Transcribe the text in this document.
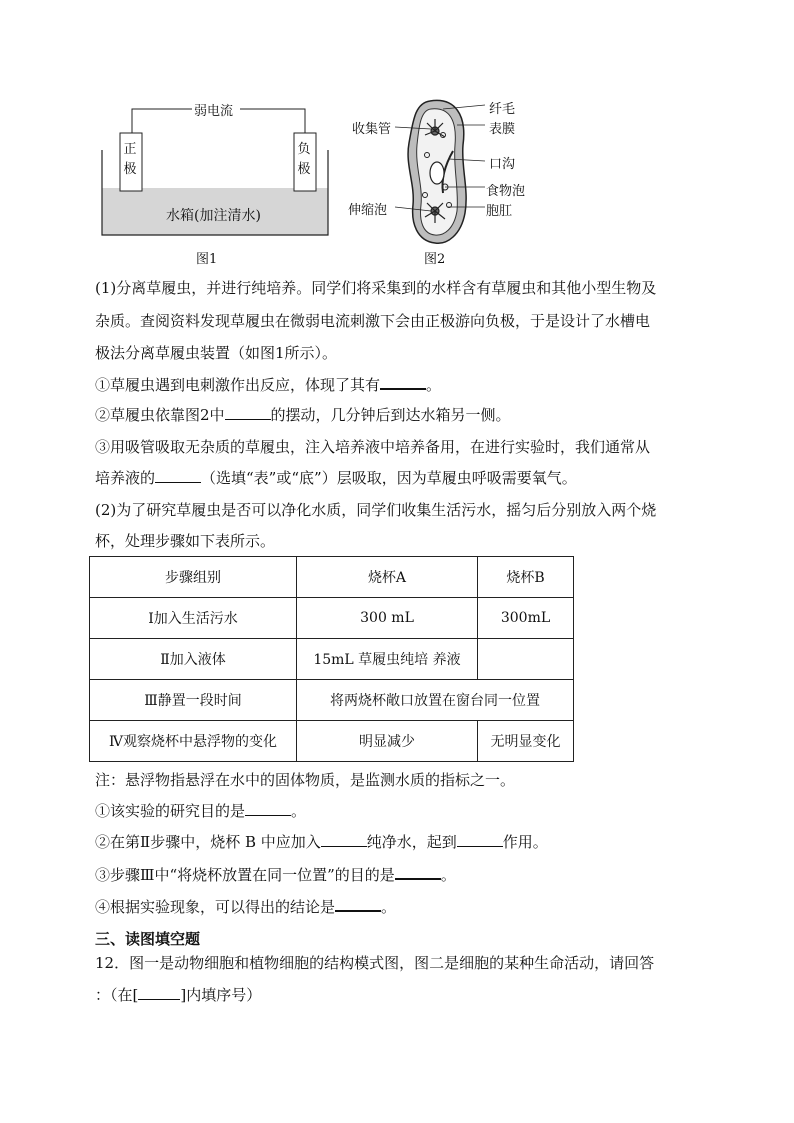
弱电流
正
极
负
极
水箱(加注清水)
图1
纤毛
收集管	表膜
口沟
食物泡
伸缩泡	胞肛
图2
(1)分离草履虫，并进行纯培养。同学们将采集到的水样含有草履虫和其他小型生物及
杂质。查阅资料发现草履虫在微弱电流刺激下会由正极游向负极，于是设计了水槽电
极法分离草履虫装置（如图1所示）。
①草履虫遇到电刺激作出反应，体现了其有	。
②草履虫依靠图2中	的摆动，几分钟后到达水箱另一侧。
③用吸管吸取无杂质的草履虫，注入培养液中培养备用，在进行实验时，我们通常从
培养液的	（选填“表”或“底”）层吸取，因为草履虫呼吸需要氧气。
(2)为了研究草履虫是否可以净化水质，同学们收集生活污水，摇匀后分别放入两个烧
杯，处理步骤如下表所示。
步骤组别	烧杯A	烧杯B
Ⅰ加入生活污水	300 mL	300mL
Ⅱ加入液体	15mL 草履虫纯培 养液	
Ⅲ静置一段时间	将两烧杯敞口放置在窗台同一位置	
Ⅳ观察烧杯中悬浮物的变化	明显减少	无明显变化
注：悬浮物指悬浮在水中的固体物质，是监测水质的指标之一。
①该实验的研究目的是	。
②在第Ⅱ步骤中，烧杯 B 中应加入	纯净水，起到	作用。
③步骤Ⅲ中“将烧杯放置在同一位置”的目的是	。
④根据实验现象，可以得出的结论是	。
三、读图填空题
12．图一是动物细胞和植物细胞的结构模式图，图二是细胞的某种生命活动，请回答
：（在[	]内填序号）
